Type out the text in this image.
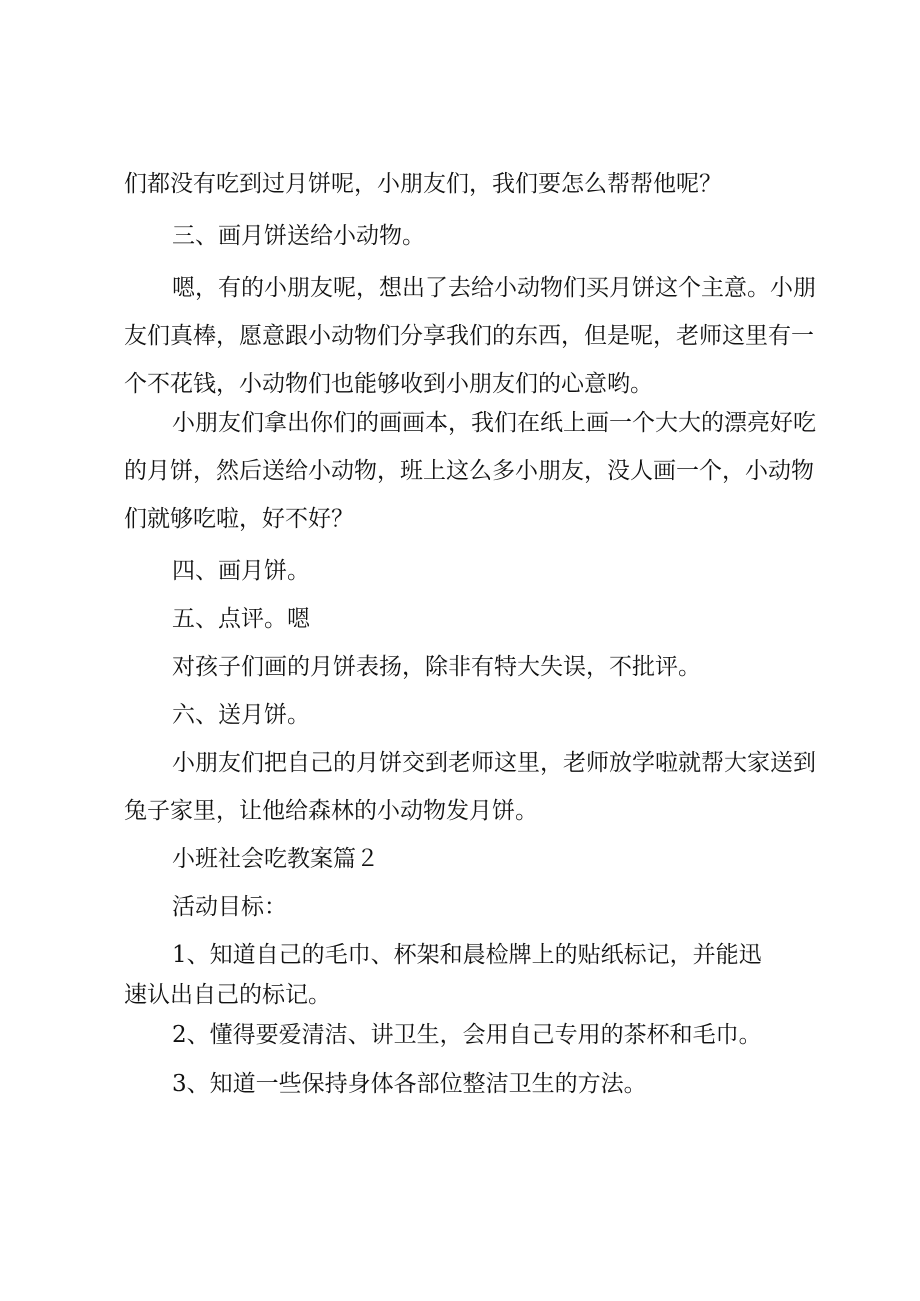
们都没有吃到过月饼呢，小朋友们，我们要怎么帮帮他呢？

三、画月饼送给小动物。

嗯，有的小朋友呢，想出了去给小动物们买月饼这个主意。小朋
友们真棒，愿意跟小动物们分享我们的东西，但是呢，老师这里有一
个不花钱，小动物们也能够收到小朋友们的心意哟。

小朋友们拿出你们的画画本，我们在纸上画一个大大的漂亮好吃
的月饼，然后送给小动物，班上这么多小朋友，没人画一个，小动物
们就够吃啦，好不好？

四、画月饼。

五、点评。嗯

对孩子们画的月饼表扬，除非有特大失误，不批评。

六、送月饼。

小朋友们把自己的月饼交到老师这里，老师放学啦就帮大家送到
兔子家里，让他给森林的小动物发月饼。

小班社会吃教案篇２

活动目标：

1、知道自己的毛巾、杯架和晨检牌上的贴纸标记，并能迅
速认出自己的标记。

2、懂得要爱清洁、讲卫生，会用自己专用的茶杯和毛巾。

3、知道一些保持身体各部位整洁卫生的方法。
